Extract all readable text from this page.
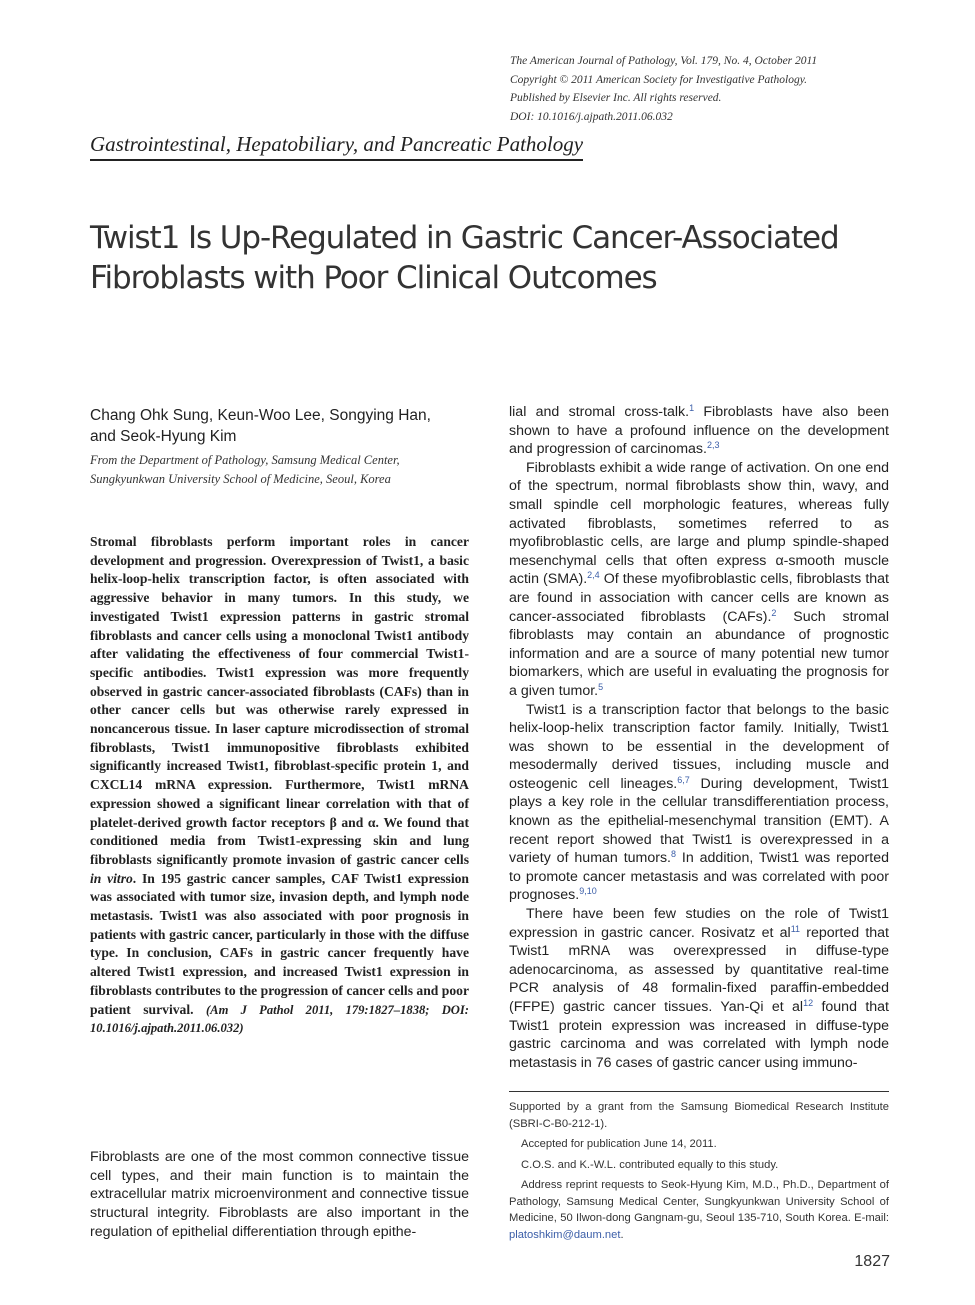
The American Journal of Pathology, Vol. 179, No. 4, October 2011
Copyright © 2011 American Society for Investigative Pathology.
Published by Elsevier Inc. All rights reserved.
DOI: 10.1016/j.ajpath.2011.06.032
Gastrointestinal, Hepatobiliary, and Pancreatic Pathology
Twist1 Is Up-Regulated in Gastric Cancer-Associated Fibroblasts with Poor Clinical Outcomes
Chang Ohk Sung, Keun-Woo Lee, Songying Han,
and Seok-Hyung Kim
From the Department of Pathology, Samsung Medical Center,
Sungkyunkwan University School of Medicine, Seoul, Korea
Stromal fibroblasts perform important roles in cancer development and progression. Overexpression of Twist1, a basic helix-loop-helix transcription factor, is often associated with aggressive behavior in many tumors. In this study, we investigated Twist1 expression patterns in gastric stromal fibroblasts and cancer cells using a monoclonal Twist1 antibody after validating the effectiveness of four commercial Twist1-specific antibodies. Twist1 expression was more frequently observed in gastric cancer-associated fibroblasts (CAFs) than in other cancer cells but was otherwise rarely expressed in noncancerous tissue. In laser capture microdissection of stromal fibroblasts, Twist1 immunopositive fibroblasts exhibited significantly increased Twist1, fibroblast-specific protein 1, and CXCL14 mRNA expression. Furthermore, Twist1 mRNA expression showed a significant linear correlation with that of platelet-derived growth factor receptors β and α. We found that conditioned media from Twist1-expressing skin and lung fibroblasts significantly promote invasion of gastric cancer cells in vitro. In 195 gastric cancer samples, CAF Twist1 expression was associated with tumor size, invasion depth, and lymph node metastasis. Twist1 was also associated with poor prognosis in patients with gastric cancer, particularly in those with the diffuse type. In conclusion, CAFs in gastric cancer frequently have altered Twist1 expression, and increased Twist1 expression in fibroblasts contributes to the progression of cancer cells and poor patient survival. (Am J Pathol 2011, 179:1827–1838; DOI: 10.1016/j.ajpath.2011.06.032)
Fibroblasts are one of the most common connective tissue cell types, and their main function is to maintain the extracellular matrix microenvironment and connective tissue structural integrity. Fibroblasts are also important in the regulation of epithelial differentiation through epithe-

lial and stromal cross-talk.$^1$ Fibroblasts have also been shown to have a profound influence on the development and progression of carcinomas.$^{2,3}$

Fibroblasts exhibit a wide range of activation. On one end of the spectrum, normal fibroblasts show thin, wavy, and small spindle cell morphologic features, whereas fully activated fibroblasts, sometimes referred to as myofibroblastic cells, are large and plump spindle-shaped mesenchymal cells that often express α-smooth muscle actin (SMA).$^{2,4}$ Of these myofibroblastic cells, fibroblasts that are found in association with cancer cells are known as cancer-associated fibroblasts (CAFs).$^2$ Such stromal fibroblasts may contain an abundance of prognostic information and are a source of many potential new tumor biomarkers, which are useful in evaluating the prognosis for a given tumor.$^5$

Twist1 is a transcription factor that belongs to the basic helix-loop-helix transcription factor family. Initially, Twist1 was shown to be essential in the development of mesodermally derived tissues, including muscle and osteogenic cell lineages.$^{6,7}$ During development, Twist1 plays a key role in the cellular transdifferentiation process, known as the epithelial-mesenchymal transition (EMT). A recent report showed that Twist1 is overexpressed in a variety of human tumors.$^8$ In addition, Twist1 was reported to promote cancer metastasis and was correlated with poor prognoses.$^{9,10}$

There have been few studies on the role of Twist1 expression in gastric cancer. Rosivatz et $al^{11}$ reported that Twist1 mRNA was overexpressed in diffuse-type adenocarcinoma, as assessed by quantitative real-time PCR analysis of 48 formalin-fixed paraffin-embedded (FFPE) gastric cancer tissues. Yan-Qi et $al^{12}$ found that Twist1 protein expression was increased in diffuse-type gastric carcinoma and was correlated with lymph node metastasis in 76 cases of gastric cancer using immuno-

Supported by a grant from the Samsung Biomedical Research Institute (SBRI-C-B0-212-1).

Accepted for publication June 14, 2011.

C.O.S. and K.-W.L. contributed equally to this study.

Address reprint requests to Seok-Hyung Kim, M.D., Ph.D., Department of Pathology, Samsung Medical Center, Sungkyunkwan University School of Medicine, 50 Ilwon-dong Gangnam-gu, Seoul 135-710, South Korea. E-mail: platoshkim@daum.net.

1827
